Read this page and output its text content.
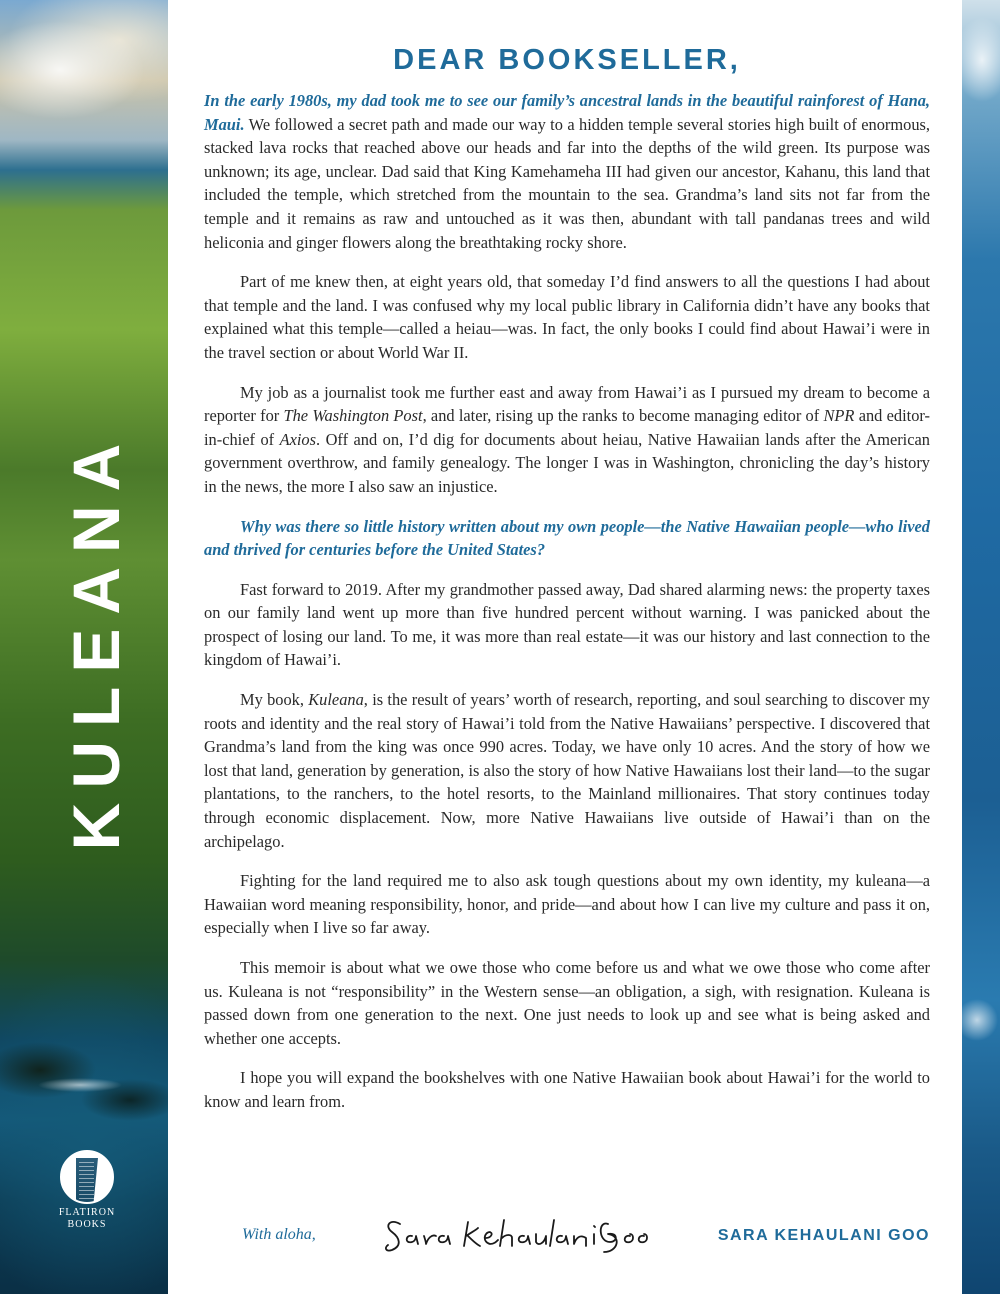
KULEANA
FLATIRON
BOOKS
DEAR BOOKSELLER,

In the early 1980s, my dad took me to see our family’s ancestral lands in the beautiful rainforest of Hana, Maui. We followed a secret path and made our way to a hidden temple several stories high built of enormous, stacked lava rocks that reached above our heads and far into the depths of the wild green. Its purpose was unknown; its age, unclear. Dad said that King Kamehameha III had given our ancestor, Kahanu, this land that included the temple, which stretched from the mountain to the sea. Grandma’s land sits not far from the temple and it remains as raw and untouched as it was then, abundant with tall pandanas trees and wild heliconia and ginger flowers along the breathtaking rocky shore.

Part of me knew then, at eight years old, that someday I’d find answers to all the questions I had about that temple and the land. I was confused why my local public library in California didn’t have any books that explained what this temple—called a heiau—was. In fact, the only books I could find about Hawai’i were in the travel section or about World War II.

My job as a journalist took me further east and away from Hawai’i as I pursued my dream to become a reporter for The Washington Post, and later, rising up the ranks to become managing editor of NPR and editor-in-chief of Axios. Off and on, I’d dig for documents about heiau, Native Hawaiian lands after the American government overthrow, and family genealogy. The longer I was in Washington, chronicling the day’s history in the news, the more I also saw an injustice.

Why was there so little history written about my own people—the Native Hawaiian people—who lived and thrived for centuries before the United States?

Fast forward to 2019. After my grandmother passed away, Dad shared alarming news: the property taxes on our family land went up more than five hundred percent without warning. I was panicked about the prospect of losing our land. To me, it was more than real estate—it was our history and last connection to the kingdom of Hawai’i.

My book, Kuleana, is the result of years’ worth of research, reporting, and soul searching to discover my roots and identity and the real story of Hawai’i told from the Native Hawaiians’ perspective. I discovered that Grandma’s land from the king was once 990 acres. Today, we have only 10 acres. And the story of how we lost that land, generation by generation, is also the story of how Native Hawaiians lost their land—to the sugar plantations, to the ranchers, to the hotel resorts, to the Mainland millionaires. That story continues today through economic displacement. Now, more Native Hawaiians live outside of Hawai’i than on the archipelago.

Fighting for the land required me to also ask tough questions about my own identity, my kuleana—a Hawaiian word meaning responsibility, honor, and pride—and about how I can live my culture and pass it on, especially when I live so far away.

This memoir is about what we owe those who come before us and what we owe those who come after us. Kuleana is not “responsibility” in the Western sense—an obligation, a sigh, with resignation. Kuleana is passed down from one generation to the next. One just needs to look up and see what is being asked and whether one accepts.

I hope you will expand the bookshelves with one Native Hawaiian book about Hawai’i for the world to know and learn from.

With aloha,	SARA KEHAULANI GOO
